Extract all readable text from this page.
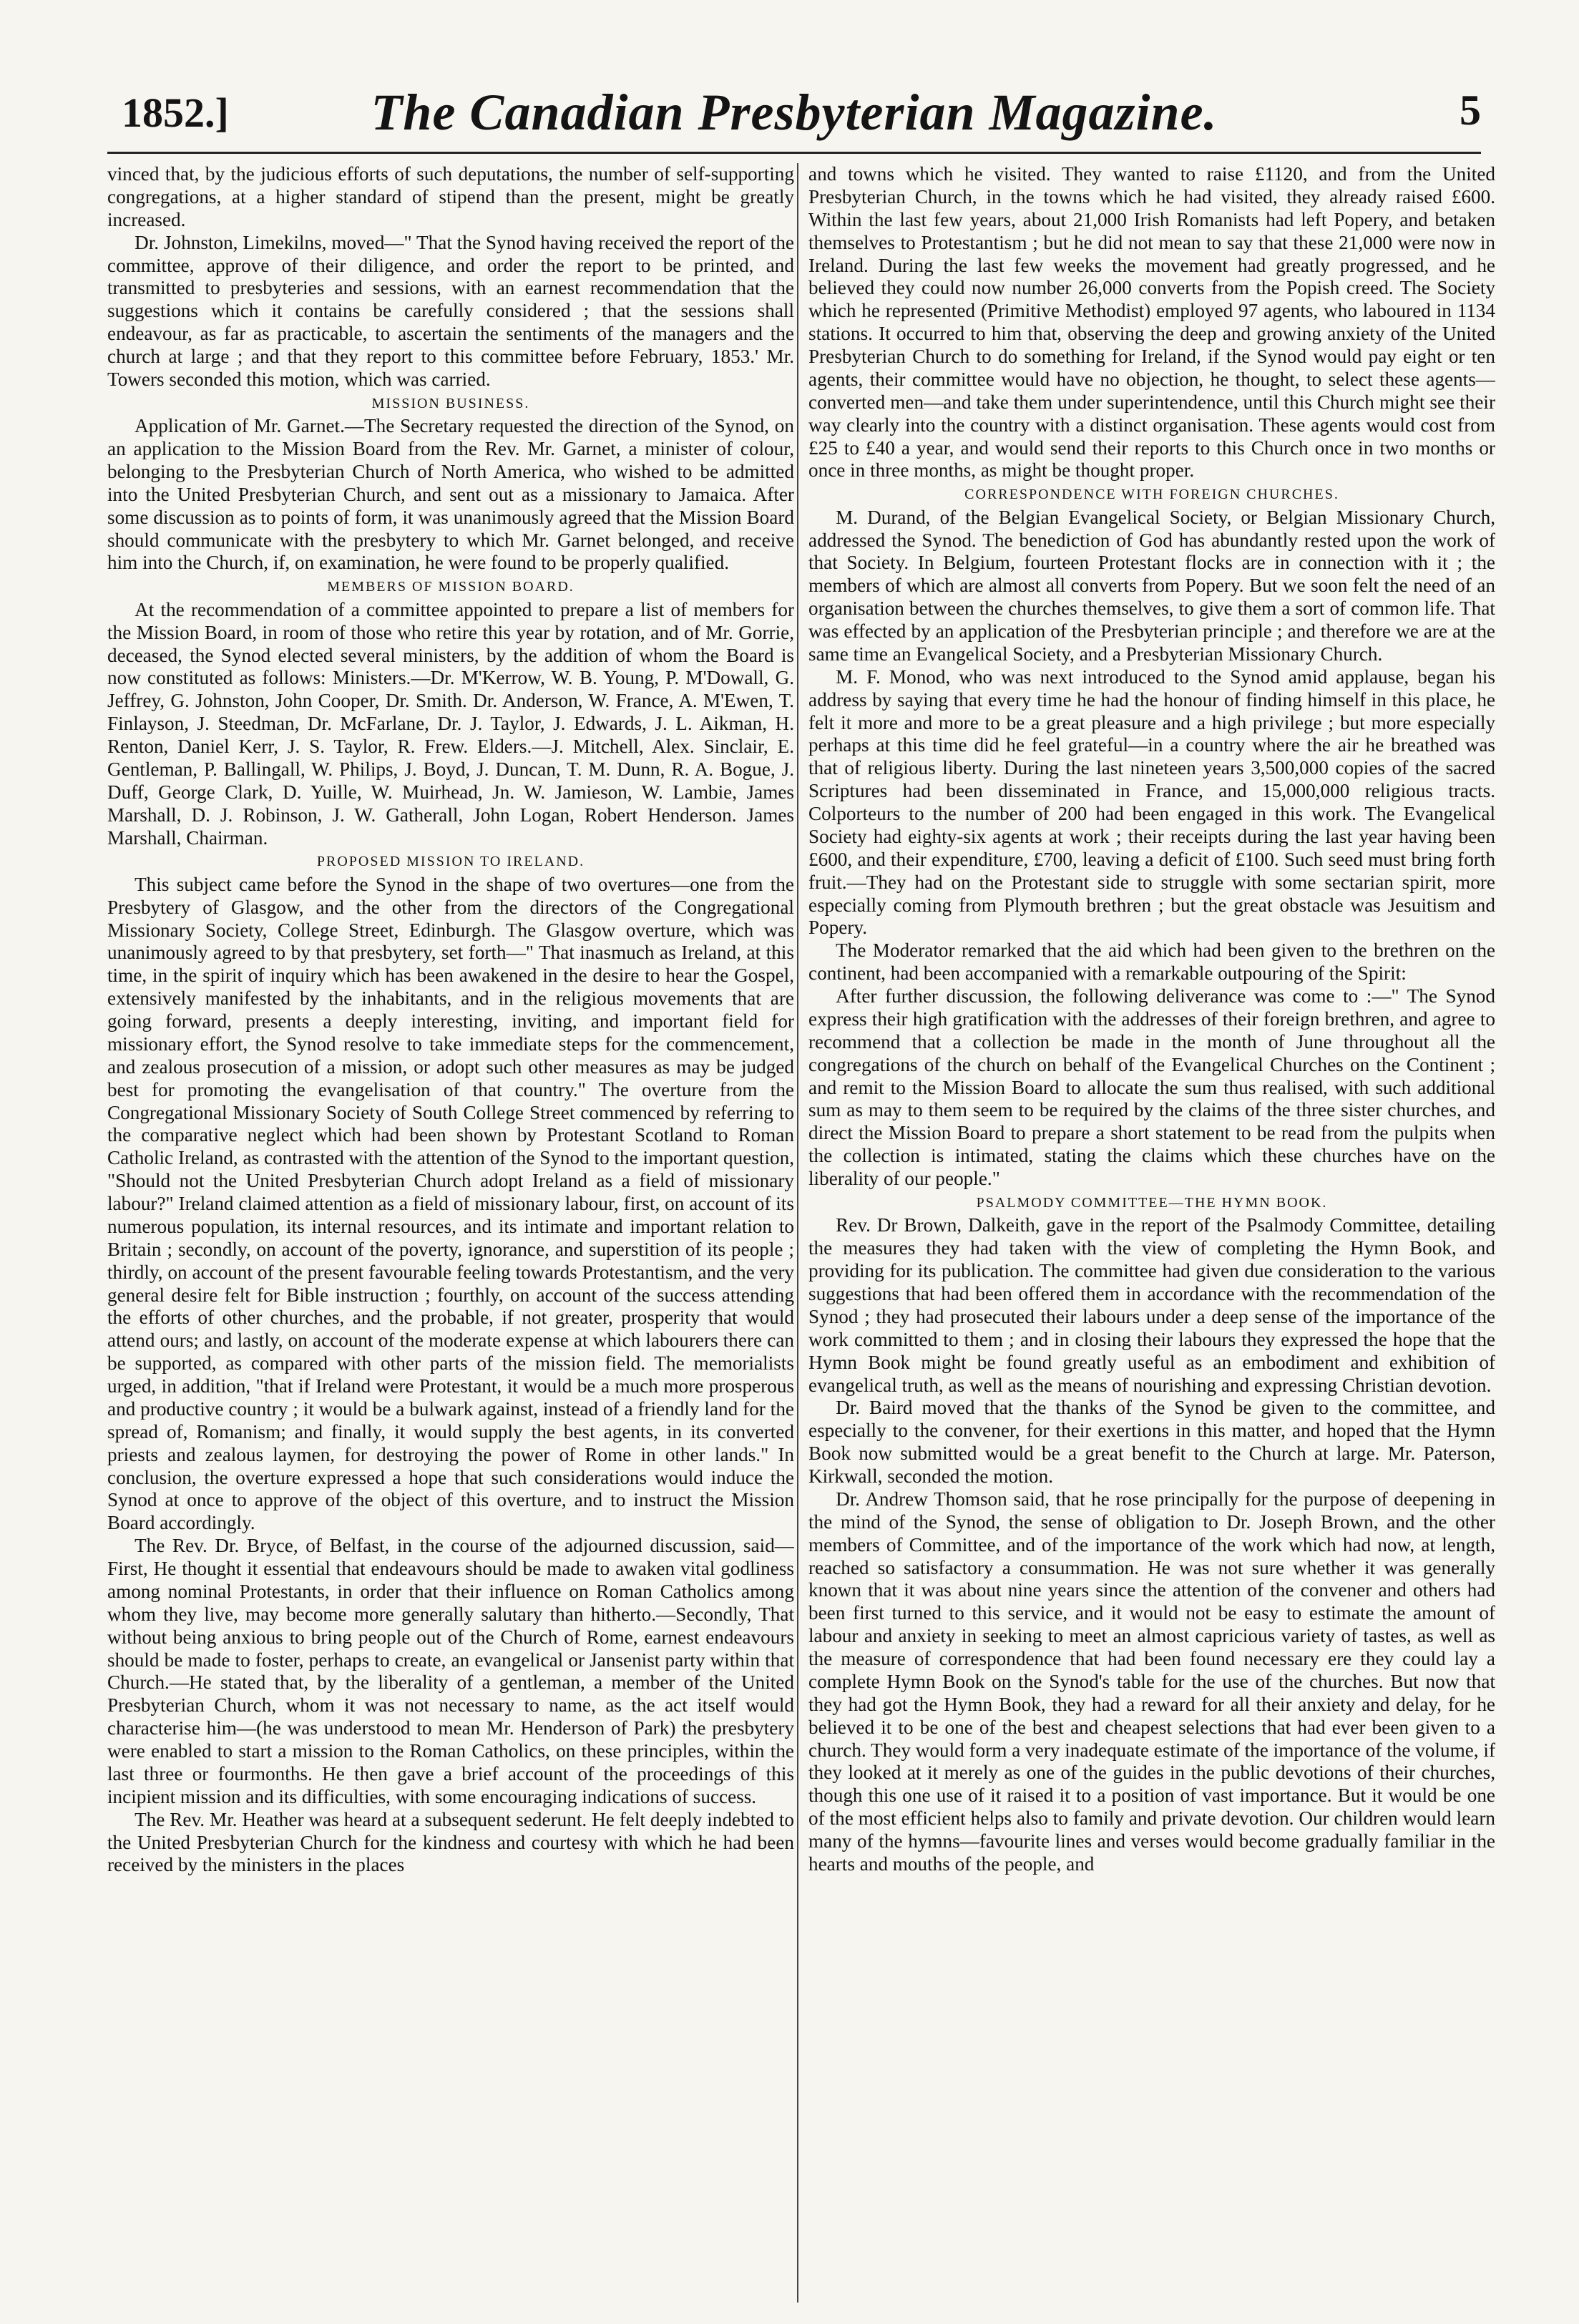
1852.]	The Canadian Presbyterian Magazine.	5

vinced that, by the judicious efforts of such deputations, the number of self-supporting congregations, at a higher standard of stipend than the present, might be greatly increased.

Dr. Johnston, Limekilns, moved—" That the Synod having received the report of the committee, approve of their diligence, and order the report to be printed, and transmitted to presbyteries and sessions, with an earnest recommendation that the suggestions which it contains be carefully considered ; that the sessions shall endeavour, as far as practicable, to ascertain the sentiments of the managers and the church at large ; and that they report to this committee before February, 1853.' Mr. Towers seconded this motion, which was carried.

MISSION BUSINESS.

Application of Mr. Garnet.—The Secretary requested the direction of the Synod, on an application to the Mission Board from the Rev. Mr. Garnet, a minister of colour, belonging to the Presbyterian Church of North America, who wished to be admitted into the United Presbyterian Church, and sent out as a missionary to Jamaica. After some discussion as to points of form, it was unanimously agreed that the Mission Board should communicate with the presbytery to which Mr. Garnet belonged, and receive him into the Church, if, on examination, he were found to be properly qualified.

MEMBERS OF MISSION BOARD.

At the recommendation of a committee appointed to prepare a list of members for the Mission Board, in room of those who retire this year by rotation, and of Mr. Gorrie, deceased, the Synod elected several ministers, by the addition of whom the Board is now constituted as follows: Ministers.—Dr. M'Kerrow, W. B. Young, P. M'Dowall, G. Jeffrey, G. Johnston, John Cooper, Dr. Smith. Dr. Anderson, W. France, A. M'Ewen, T. Finlayson, J. Steedman, Dr. McFarlane, Dr. J. Taylor, J. Edwards, J. L. Aikman, H. Renton, Daniel Kerr, J. S. Taylor, R. Frew. Elders.—J. Mitchell, Alex. Sinclair, E. Gentleman, P. Ballingall, W. Philips, J. Boyd, J. Duncan, T. M. Dunn, R. A. Bogue, J. Duff, George Clark, D. Yuille, W. Muirhead, Jn. W. Jamieson, W. Lambie, James Marshall, D. J. Robinson, J. W. Gatherall, John Logan, Robert Henderson. James Marshall, Chairman.

PROPOSED MISSION TO IRELAND.

This subject came before the Synod in the shape of two overtures—one from the Presbytery of Glasgow, and the other from the directors of the Congregational Missionary Society, College Street, Edinburgh. The Glasgow overture, which was unanimously agreed to by that presbytery, set forth—" That inasmuch as Ireland, at this time, in the spirit of inquiry which has been awakened in the desire to hear the Gospel, extensively manifested by the inhabitants, and in the religious movements that are going forward, presents a deeply interesting, inviting, and important field for missionary effort, the Synod resolve to take immediate steps for the commencement, and zealous prosecution of a mission, or adopt such other measures as may be judged best for promoting the evangelisation of that country." The overture from the Congregational Missionary Society of South College Street commenced by referring to the comparative neglect which had been shown by Protestant Scotland to Roman Catholic Ireland, as contrasted with the attention of the Synod to the important question, "Should not the United Presbyterian Church adopt Ireland as a field of missionary labour?" Ireland claimed attention as a field of missionary labour, first, on account of its numerous population, its internal resources, and its intimate and important relation to Britain ; secondly, on account of the poverty, ignorance, and superstition of its people ; thirdly, on account of the present favourable feeling towards Protestantism, and the very general desire felt for Bible instruction ; fourthly, on account of the success attending the efforts of other churches, and the probable, if not greater, prosperity that would attend ours; and lastly, on account of the moderate expense at which labourers there can be supported, as compared with other parts of the mission field. The memorialists urged, in addition, "that if Ireland were Protestant, it would be a much more prosperous and productive country ; it would be a bulwark against, instead of a friendly land for the spread of, Romanism; and finally, it would supply the best agents, in its converted priests and zealous laymen, for destroying the power of Rome in other lands." In conclusion, the overture expressed a hope that such considerations would induce the Synod at once to approve of the object of this overture, and to instruct the Mission Board accordingly.

The Rev. Dr. Bryce, of Belfast, in the course of the adjourned discussion, said—First, He thought it essential that endeavours should be made to awaken vital godliness among nominal Protestants, in order that their influence on Roman Catholics among whom they live, may become more generally salutary than hitherto.—Secondly, That without being anxious to bring people out of the Church of Rome, earnest endeavours should be made to foster, perhaps to create, an evangelical or Jansenist party within that Church.—He stated that, by the liberality of a gentleman, a member of the United Presbyterian Church, whom it was not necessary to name, as the act itself would characterise him—(he was understood to mean Mr. Henderson of Park) the presbytery were enabled to start a mission to the Roman Catholics, on these principles, within the last three or fourmonths. He then gave a brief account of the proceedings of this incipient mission and its difficulties, with some encouraging indications of success.

The Rev. Mr. Heather was heard at a subsequent sederunt. He felt deeply indebted to the United Presbyterian Church for the kindness and courtesy with which he had been received by the ministers in the places

and towns which he visited. They wanted to raise £1120, and from the United Presbyterian Church, in the towns which he had visited, they already raised £600. Within the last few years, about 21,000 Irish Romanists had left Popery, and betaken themselves to Protestantism ; but he did not mean to say that these 21,000 were now in Ireland. During the last few weeks the movement had greatly progressed, and he believed they could now number 26,000 converts from the Popish creed. The Society which he represented (Primitive Methodist) employed 97 agents, who laboured in 1134 stations. It occurred to him that, observing the deep and growing anxiety of the United Presbyterian Church to do something for Ireland, if the Synod would pay eight or ten agents, their committee would have no objection, he thought, to select these agents—converted men—and take them under superintendence, until this Church might see their way clearly into the country with a distinct organisation. These agents would cost from £25 to £40 a year, and would send their reports to this Church once in two months or once in three months, as might be thought proper.

CORRESPONDENCE WITH FOREIGN CHURCHES.

M. Durand, of the Belgian Evangelical Society, or Belgian Missionary Church, addressed the Synod. The benediction of God has abundantly rested upon the work of that Society. In Belgium, fourteen Protestant flocks are in connection with it ; the members of which are almost all converts from Popery. But we soon felt the need of an organisation between the churches themselves, to give them a sort of common life. That was effected by an application of the Presbyterian principle ; and therefore we are at the same time an Evangelical Society, and a Presbyterian Missionary Church.

M. F. Monod, who was next introduced to the Synod amid applause, began his address by saying that every time he had the honour of finding himself in this place, he felt it more and more to be a great pleasure and a high privilege ; but more especially perhaps at this time did he feel grateful—in a country where the air he breathed was that of religious liberty. During the last nineteen years 3,500,000 copies of the sacred Scriptures had been disseminated in France, and 15,000,000 religious tracts. Colporteurs to the number of 200 had been engaged in this work. The Evangelical Society had eighty-six agents at work ; their receipts during the last year having been £600, and their expenditure, £700, leaving a deficit of £100. Such seed must bring forth fruit.—They had on the Protestant side to struggle with some sectarian spirit, more especially coming from Plymouth brethren ; but the great obstacle was Jesuitism and Popery.

The Moderator remarked that the aid which had been given to the brethren on the continent, had been accompanied with a remarkable outpouring of the Spirit:

After further discussion, the following deliverance was come to :—" The Synod express their high gratification with the addresses of their foreign brethren, and agree to recommend that a collection be made in the month of June throughout all the congregations of the church on behalf of the Evangelical Churches on the Continent ; and remit to the Mission Board to allocate the sum thus realised, with such additional sum as may to them seem to be required by the claims of the three sister churches, and direct the Mission Board to prepare a short statement to be read from the pulpits when the collection is intimated, stating the claims which these churches have on the liberality of our people."

PSALMODY COMMITTEE—THE HYMN BOOK.

Rev. Dr Brown, Dalkeith, gave in the report of the Psalmody Committee, detailing the measures they had taken with the view of completing the Hymn Book, and providing for its publication. The committee had given due consideration to the various suggestions that had been offered them in accordance with the recommendation of the Synod ; they had prosecuted their labours under a deep sense of the importance of the work committed to them ; and in closing their labours they expressed the hope that the Hymn Book might be found greatly useful as an embodiment and exhibition of evangelical truth, as well as the means of nourishing and expressing Christian devotion.

Dr. Baird moved that the thanks of the Synod be given to the committee, and especially to the convener, for their exertions in this matter, and hoped that the Hymn Book now submitted would be a great benefit to the Church at large. Mr. Paterson, Kirkwall, seconded the motion.

Dr. Andrew Thomson said, that he rose principally for the purpose of deepening in the mind of the Synod, the sense of obligation to Dr. Joseph Brown, and the other members of Committee, and of the importance of the work which had now, at length, reached so satisfactory a consummation. He was not sure whether it was generally known that it was about nine years since the attention of the convener and others had been first turned to this service, and it would not be easy to estimate the amount of labour and anxiety in seeking to meet an almost capricious variety of tastes, as well as the measure of correspondence that had been found necessary ere they could lay a complete Hymn Book on the Synod's table for the use of the churches. But now that they had got the Hymn Book, they had a reward for all their anxiety and delay, for he believed it to be one of the best and cheapest selections that had ever been given to a church. They would form a very inadequate estimate of the importance of the volume, if they looked at it merely as one of the guides in the public devotions of their churches, though this one use of it raised it to a position of vast importance. But it would be one of the most efficient helps also to family and private devotion. Our children would learn many of the hymns—favourite lines and verses would become gradually familiar in the hearts and mouths of the people, and
